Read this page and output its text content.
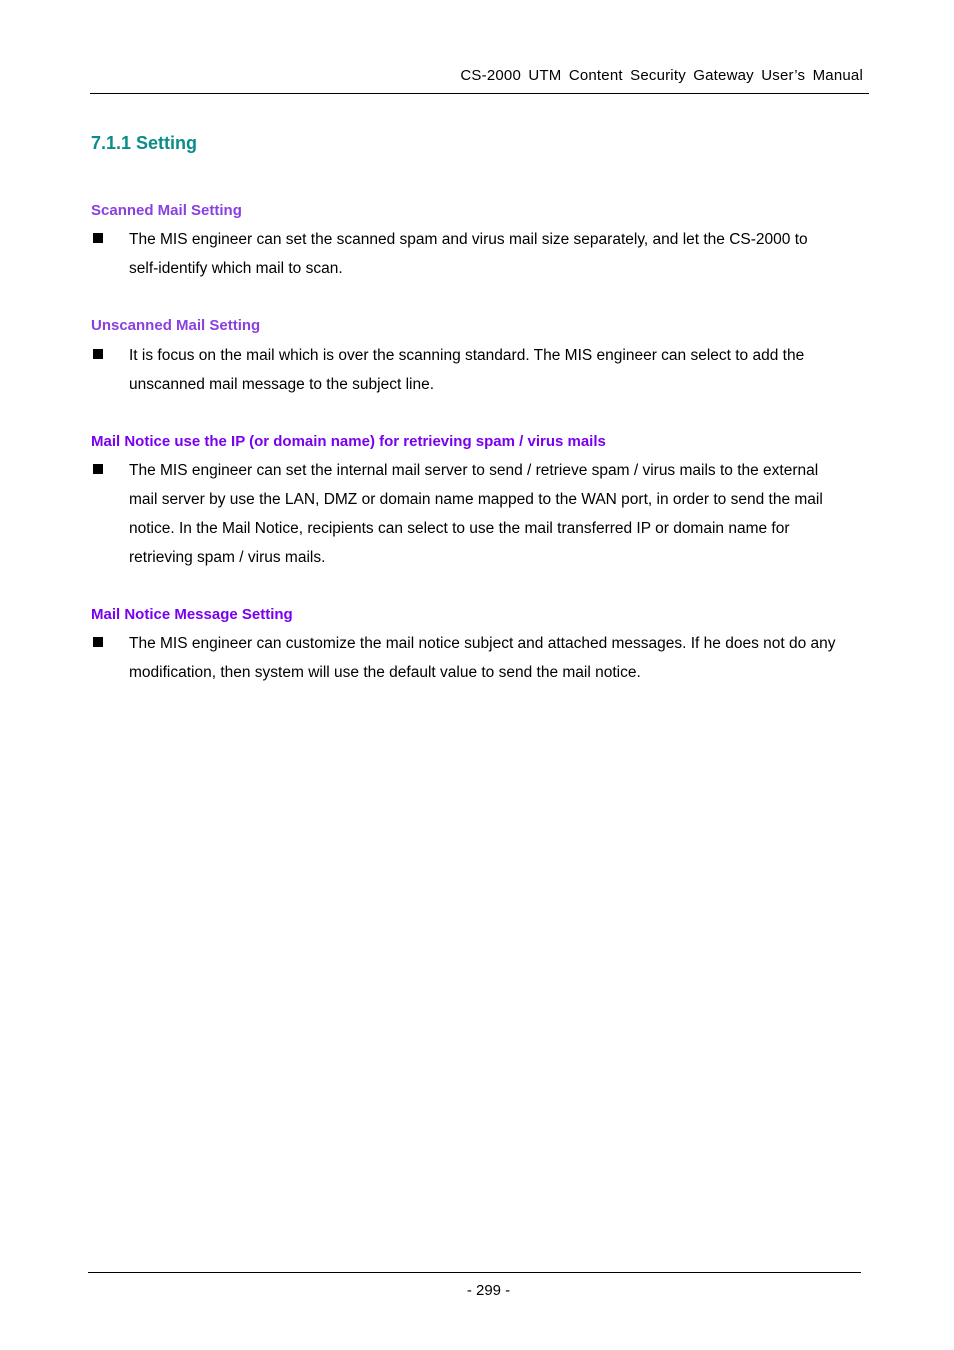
CS-2000 UTM Content Security Gateway User’s Manual
7.1.1 Setting
Scanned Mail Setting

The MIS engineer can set the scanned spam and virus mail size separately, and let the CS-2000 to
self-identify which mail to scan.

Unscanned Mail Setting

It is focus on the mail which is over the scanning standard. The MIS engineer can select to add the
unscanned mail message to the subject line.

Mail Notice use the IP (or domain name) for retrieving spam / virus mails

The MIS engineer can set the internal mail server to send / retrieve spam / virus mails to the external
mail server by use the LAN, DMZ or domain name mapped to the WAN port, in order to send the mail
notice. In the Mail Notice, recipients can select to use the mail transferred IP or domain name for
retrieving spam / virus mails.

Mail Notice Message Setting

The MIS engineer can customize the mail notice subject and attached messages. If he does not do any
modification, then system will use the default value to send the mail notice.

- 299 -
